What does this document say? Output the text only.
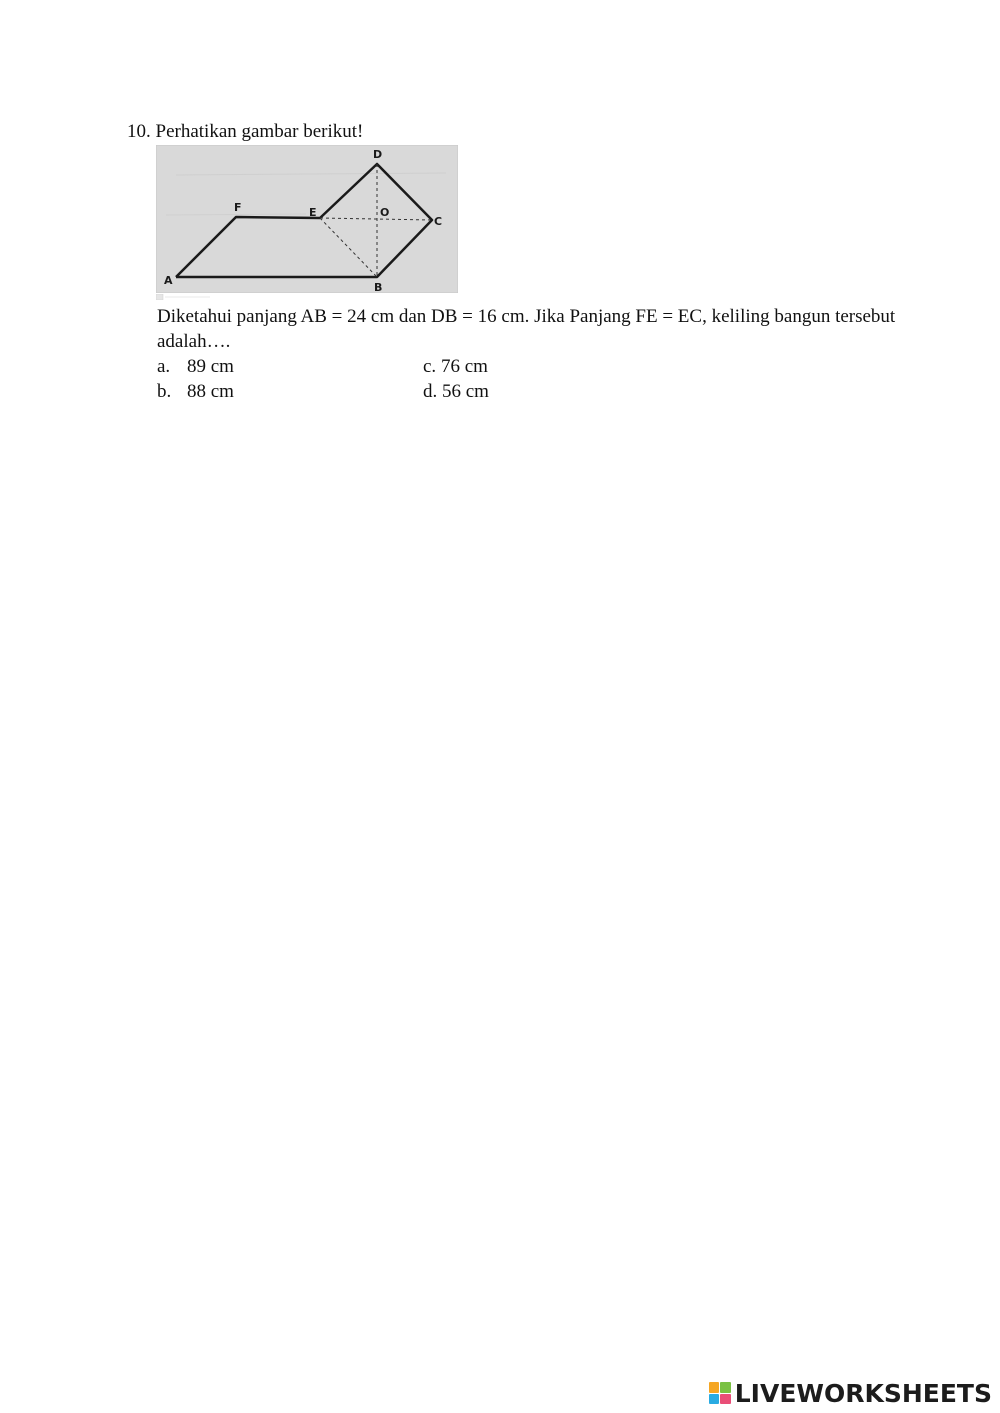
10. Perhatikan gambar berikut!
D
F	E	O
C
A
B
Diketahui panjang AB = 24 cm dan DB = 16 cm. Jika Panjang FE = EC, keliling bangun tersebut adalah….
a. 89 cm
b. 88 cm
c. 76 cm
d. 56 cm
LIVEWORKSHEETS
